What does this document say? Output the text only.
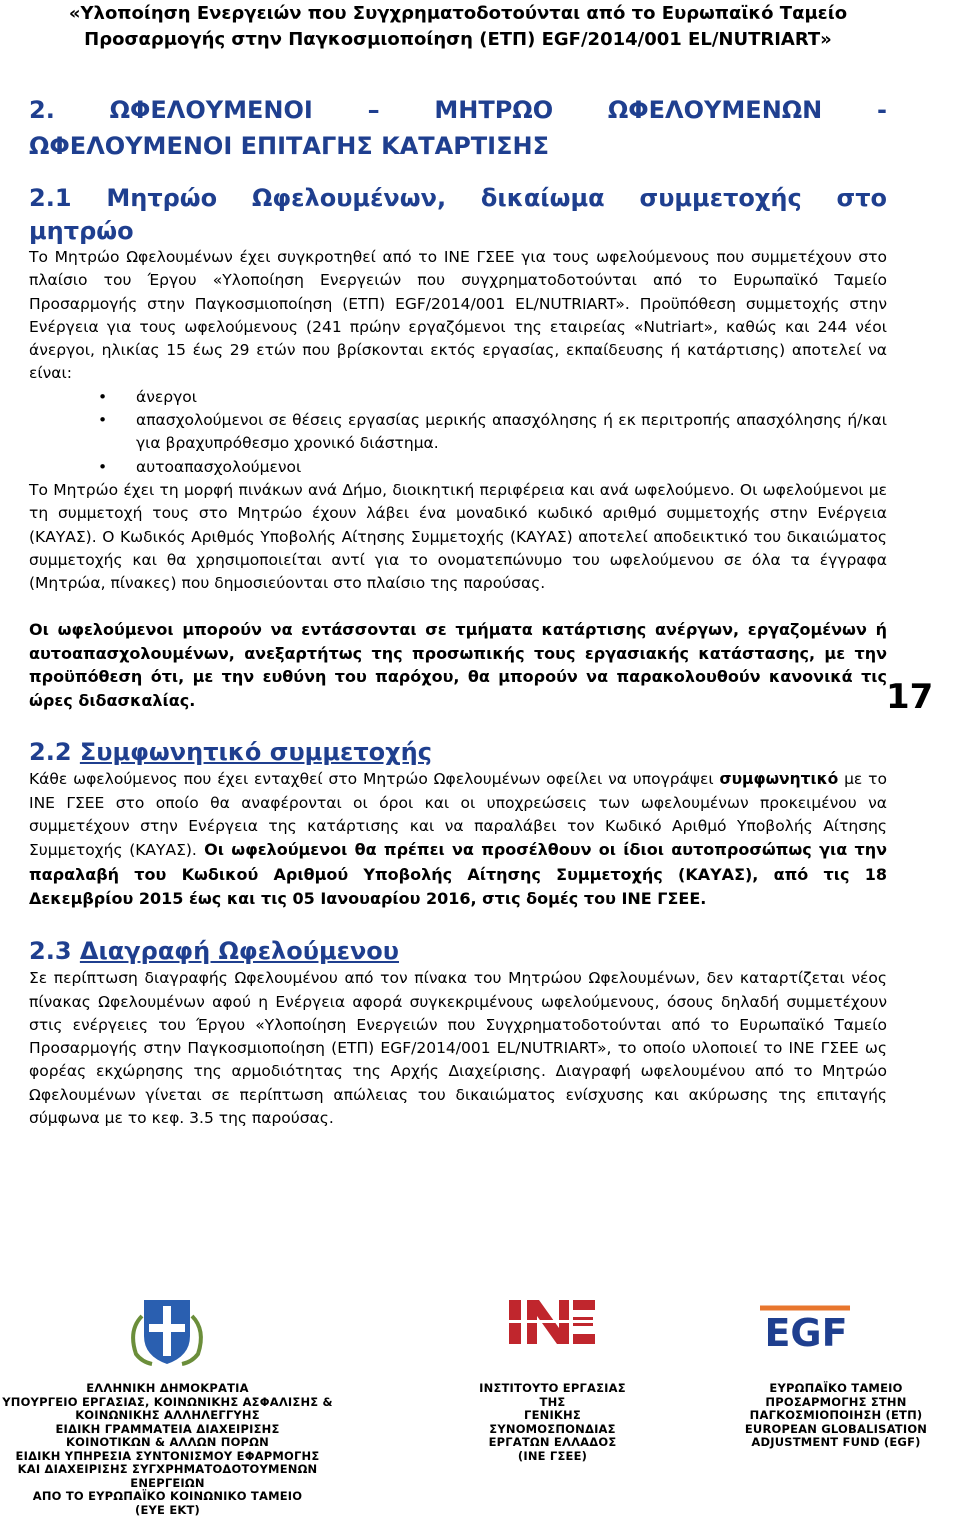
«Υλοποίηση Ενεργειών που Συγχρηματοδοτούνται από το Ευρωπαϊκό Ταμείο

Προσαρμογής στην Παγκοσμιοποίηση (ΕΤΠ) EGF/2014/001 EL/NUTRIART»

2. ΩΦΕΛΟΥΜΕΝΟΙ – ΜΗΤΡΩΟ ΩΦΕΛΟΥΜΕΝΩΝ -

ΩΦΕΛΟΥΜΕΝΟΙ ΕΠΙΤΑΓΗΣ ΚΑΤΑΡΤΙΣΗΣ

2.1 Μητρώο Ωφελουμένων, δικαίωμα συμμετοχής στο

μητρώο

Το Μητρώο Ωφελουμένων έχει συγκροτηθεί από το ΙΝΕ ΓΣΕΕ για τους ωφελούμενους που συμμετέχουν στο πλαίσιο του Έργου «Υλοποίηση Ενεργειών που συγχρηματοδοτούνται από το Ευρωπαϊκό Ταμείο Προσαρμογής στην Παγκοσμιοποίηση (ΕΤΠ) EGF/2014/001 EL/NUTRIART». Προϋπόθεση συμμετοχής στην Ενέργεια για τους ωφελούμενους (241 πρώην εργαζόμενοι της εταιρείας «Nutriart», καθώς και 244 νέοι άνεργοι, ηλικίας 15 έως 29 ετών που βρίσκονται εκτός εργασίας, εκπαίδευσης ή κατάρτισης) αποτελεί να είναι:

• άνεργοι
• απασχολούμενοι σε θέσεις εργασίας μερικής απασχόλησης ή εκ περιτροπής απασχόλησης ή/και για βραχυπρόθεσμο χρονικό διάστημα.
• αυτοαπασχολούμενοι

Το Μητρώο έχει τη μορφή πινάκων ανά Δήμο, διοικητική περιφέρεια και ανά ωφελούμενο. Οι ωφελούμενοι με τη συμμετοχή τους στο Μητρώο έχουν λάβει ένα μοναδικό κωδικό αριθμό συμμετοχής στην Ενέργεια (ΚΑΥΑΣ). Ο Κωδικός Αριθμός Υποβολής Αίτησης Συμμετοχής (ΚΑΥΑΣ) αποτελεί αποδεικτικό του δικαιώματος συμμετοχής και θα χρησιμοποιείται αντί για το ονοματεπώνυμο του ωφελούμενου σε όλα τα έγγραφα (Μητρώα, πίνακες) που δημοσιεύονται στο πλαίσιο της παρούσας.

Οι ωφελούμενοι μπορούν να εντάσσονται σε τμήματα κατάρτισης ανέργων, εργαζομένων ή αυτοαπασχολουμένων, ανεξαρτήτως της προσωπικής τους εργασιακής κατάστασης, με την προϋπόθεση ότι, με την ευθύνη του παρόχου, θα μπορούν να παρακολουθούν κανονικά τις ώρες διδασκαλίας.

2.2 Συμφωνητικό συμμετοχής

Κάθε ωφελούμενος που έχει ενταχθεί στο Μητρώο Ωφελουμένων οφείλει να υπογράψει συμφωνητικό με το ΙΝΕ ΓΣΕΕ στο οποίο θα αναφέρονται οι όροι και οι υποχρεώσεις των ωφελουμένων προκειμένου να συμμετέχουν στην Ενέργεια της κατάρτισης και να παραλάβει τον Κωδικό Αριθμό Υποβολής Αίτησης Συμμετοχής (ΚΑΥΑΣ). Οι ωφελούμενοι θα πρέπει να προσέλθουν οι ίδιοι αυτοπροσώπως για την παραλαβή του Κωδικού Αριθμού Υποβολής Αίτησης Συμμετοχής (ΚΑΥΑΣ), από τις 18 Δεκεμβρίου 2015 έως και τις 05 Ιανουαρίου 2016, στις δομές του ΙΝΕ ΓΣΕΕ.

2.3 Διαγραφή Ωφελούμενου

Σε περίπτωση διαγραφής Ωφελουμένου από τον πίνακα του Μητρώου Ωφελουμένων, δεν καταρτίζεται νέος πίνακας Ωφελουμένων αφού η Ενέργεια αφορά συγκεκριμένους ωφελούμενους, όσους δηλαδή συμμετέχουν στις ενέργειες του Έργου «Υλοποίηση Ενεργειών που Συγχρηματοδοτούνται από το Ευρωπαϊκό Ταμείο Προσαρμογής στην Παγκοσμιοποίηση (ΕΤΠ) EGF/2014/001 EL/NUTRIART», το οποίο υλοποιεί το ΙΝΕ ΓΣΕΕ ως φορέας εκχώρησης της αρμοδιότητας της Αρχής Διαχείρισης. Διαγραφή ωφελουμένου από το Μητρώο Ωφελουμένων γίνεται σε περίπτωση απώλειας του δικαιώματος ενίσχυσης και ακύρωσης της επιταγής σύμφωνα με το κεφ. 3.5 της παρούσας.

17
EGF
ΕΛΛΗΝΙΚΗ ΔΗΜΟΚΡΑΤΙΑ
ΥΠΟΥΡΓΕΙΟ ΕΡΓΑΣΙΑΣ, ΚΟΙΝΩΝΙΚΗΣ ΑΣΦΑΛΙΣΗΣ &
ΚΟΙΝΩΝΙΚΗΣ ΑΛΛΗΛΕΓΓΥΗΣ
ΕΙΔΙΚΗ ΓΡΑΜΜΑΤΕΙΑ ΔΙΑΧΕΙΡΙΣΗΣ
ΚΟΙΝΟΤΙΚΩΝ & ΑΛΛΩΝ ΠΟΡΩΝ
ΕΙΔΙΚΗ ΥΠΗΡΕΣΙΑ ΣΥΝΤΟΝΙΣΜΟΥ ΕΦΑΡΜΟΓΗΣ
ΚΑΙ ΔΙΑΧΕΙΡΙΣΗΣ ΣΥΓΧΡΗΜΑΤΟΔΟΤΟΥΜΕΝΩΝ ΕΝΕΡΓΕΙΩΝ
ΑΠΟ ΤΟ ΕΥΡΩΠΑΪΚΟ ΚΟΙΝΩΝΙΚΟ ΤΑΜΕΙΟ
(ΕΥΕ ΕΚΤ)
ΙΝΣΤΙΤΟΥΤΟ ΕΡΓΑΣΙΑΣ
ΤΗΣ
ΓΕΝΙΚΗΣ ΣΥΝΟΜΟΣΠΟΝΔΙΑΣ
ΕΡΓΑΤΩΝ ΕΛΛΑΔΟΣ
(ΙΝΕ ΓΣΕΕ)
ΕΥΡΩΠΑΪΚΟ ΤΑΜΕΙΟ
ΠΡΟΣΑΡΜΟΓΗΣ ΣΤΗΝ
ΠΑΓΚΟΣΜΙΟΠΟΙΗΣΗ (ΕΤΠ)
EUROPEAN GLOBALISATION
ADJUSTMENT FUND (EGF)
